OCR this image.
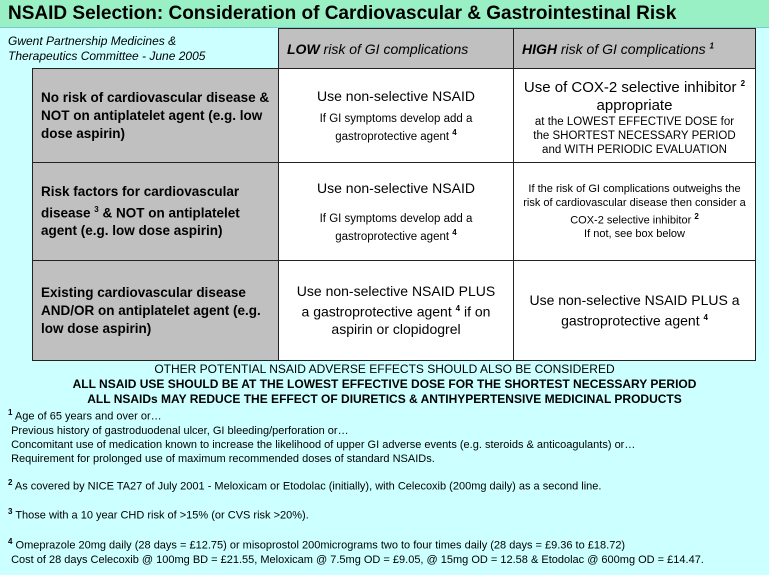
NSAID Selection: Consideration of Cardiovascular & Gastrointestinal Risk
Gwent Partnership Medicines &
Therapeutics Committee - June 2005	LOW risk of GI complications	HIGH risk of GI complications $^1$
No risk of cardiovascular disease & NOT on antiplatelet agent (e.g. low dose aspirin)
Use non-selective NSAID
If GI symptoms develop add a gastroprotective agent $^4$
Use of COX-2 selective inhibitor $^2$ appropriate
at the LOWEST EFFECTIVE DOSE for the SHORTEST NECESSARY PERIOD and WITH PERIODIC EVALUATION
Risk factors for cardiovascular disease $^3$ & NOT on antiplatelet agent (e.g. low dose aspirin)
Use non-selective NSAID
If GI symptoms develop add a gastroprotective agent $^4$
If the risk of GI complications outweighs the risk of cardiovascular disease then consider a COX-2 selective inhibitor $^2$
If not, see box below
Existing cardiovascular disease AND/OR on antiplatelet agent (e.g. low dose aspirin)
Use non-selective NSAID PLUS a gastroprotective agent $^4$ if on aspirin or clopidogrel
Use non-selective NSAID PLUS a gastroprotective agent $^4$
OTHER POTENTIAL NSAID ADVERSE EFFECTS SHOULD ALSO BE CONSIDERED
ALL NSAID USE SHOULD BE AT THE LOWEST EFFECTIVE DOSE FOR THE SHORTEST NECESSARY PERIOD
ALL NSAIDs MAY REDUCE THE EFFECT OF DIURETICS & ANTIHYPERTENSIVE MEDICINAL PRODUCTS

$^1$ Age of 65 years and over or…
Previous history of gastroduodenal ulcer, GI bleeding/perforation or…
Concomitant use of medication known to increase the likelihood of upper GI adverse events (e.g. steroids & anticoagulants) or…
Requirement for prolonged use of maximum recommended doses of standard NSAIDs.

$^2$ As covered by NICE TA27 of July 2001 - Meloxicam or Etodolac (initially), with Celecoxib (200mg daily) as a second line.

$^3$ Those with a 10 year CHD risk of >15% (or CVS risk >20%).

$^4$ Omeprazole 20mg daily (28 days = £12.75) or misoprostol 200micrograms two to four times daily (28 days = £9.36 to £18.72)
Cost of 28 days Celecoxib @ 100mg BD = £21.55, Meloxicam @ 7.5mg OD = £9.05, @ 15mg OD = 12.58 & Etodolac @ 600mg OD = £14.47.
